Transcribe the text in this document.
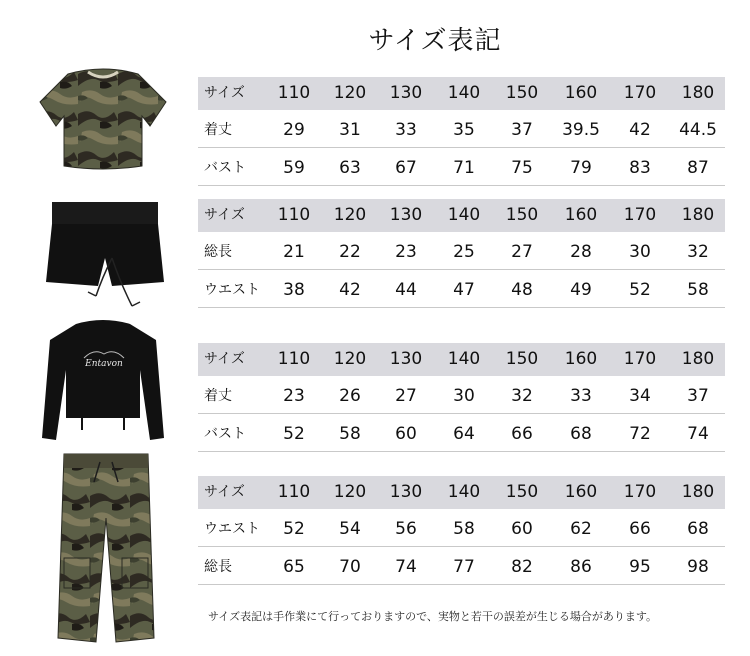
サイズ表記
Entavon
サイズ	110	120	130	140	150	160	170	180
着丈	29	31	33	35	37	39.5	42	44.5
バスト	59	63	67	71	75	79	83	87
サイズ	110	120	130	140	150	160	170	180
総長	21	22	23	25	27	28	30	32
ウエスト	38	42	44	47	48	49	52	58
サイズ	110	120	130	140	150	160	170	180
着丈	23	26	27	30	32	33	34	37
バスト	52	58	60	64	66	68	72	74
サイズ	110	120	130	140	150	160	170	180
ウエスト	52	54	56	58	60	62	66	68
総長	65	70	74	77	82	86	95	98
サイズ表記は手作業にて行っておりますので、実物と若干の誤差が生じる場合があります。
